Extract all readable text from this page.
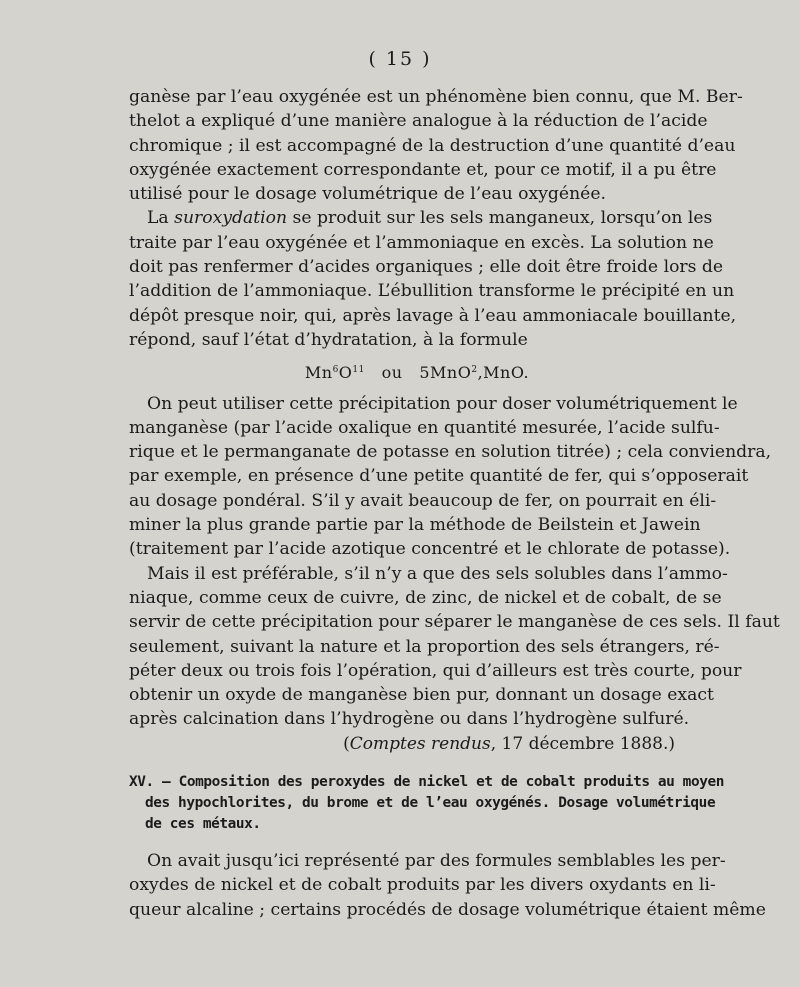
( 15 )
ganèse par l’eau oxygénée est un phénomène bien connu, que M. Ber-
thelot a expliqué d’une manière analogue à la réduction de l’acide
chromique ; il est accompagné de la destruction d’une quantité d’eau
oxygénée exactement correspondante et, pour ce motif, il a pu être
utilisé pour le dosage volumétrique de l’eau oxygénée.
La suroxydation se produit sur les sels manganeux, lorsqu’on les
traite par l’eau oxygénée et l’ammoniaque en excès. La solution ne
doit pas renfermer d’acides organiques ; elle doit être froide lors de
l’addition de l’ammoniaque. L’ébullition transforme le précipité en un
dépôt presque noir, qui, après lavage à l’eau ammoniacale bouillante,
répond, sauf l’état d’hydratation, à la formule
$Mn^6O^{11}$ ou 5MnO$^2$,MnO.
On peut utiliser cette précipitation pour doser volumétriquement le
manganèse (par l’acide oxalique en quantité mesurée, l’acide sulfu-
rique et le permanganate de potasse en solution titrée) ; cela conviendra,
par exemple, en présence d’une petite quantité de fer, qui s’opposerait
au dosage pondéral. S’il y avait beaucoup de fer, on pourrait en éli-
miner la plus grande partie par la méthode de Beilstein et Jawein
(traitement par l’acide azotique concentré et le chlorate de potasse).
Mais il est préférable, s’il n’y a que des sels solubles dans l’ammo-
niaque, comme ceux de cuivre, de zinc, de nickel et de cobalt, de se
servir de cette précipitation pour séparer le manganèse de ces sels. Il faut
seulement, suivant la nature et la proportion des sels étrangers, ré-
péter deux ou trois fois l’opération, qui d’ailleurs est très courte, pour
obtenir un oxyde de manganèse bien pur, donnant un dosage exact
après calcination dans l’hydrogène ou dans l’hydrogène sulfuré.

(Comptes rendus, 17 décembre 1888.)

XV. — Composition des peroxydes de nickel et de cobalt produits au moyen
des hypochlorites, du brome et de l’eau oxygénés. Dosage volumétrique
de ces métaux.
On avait jusqu’ici représenté par des formules semblables les per-
oxydes de nickel et de cobalt produits par les divers oxydants en li-
queur alcaline ; certains procédés de dosage volumétrique étaient même
